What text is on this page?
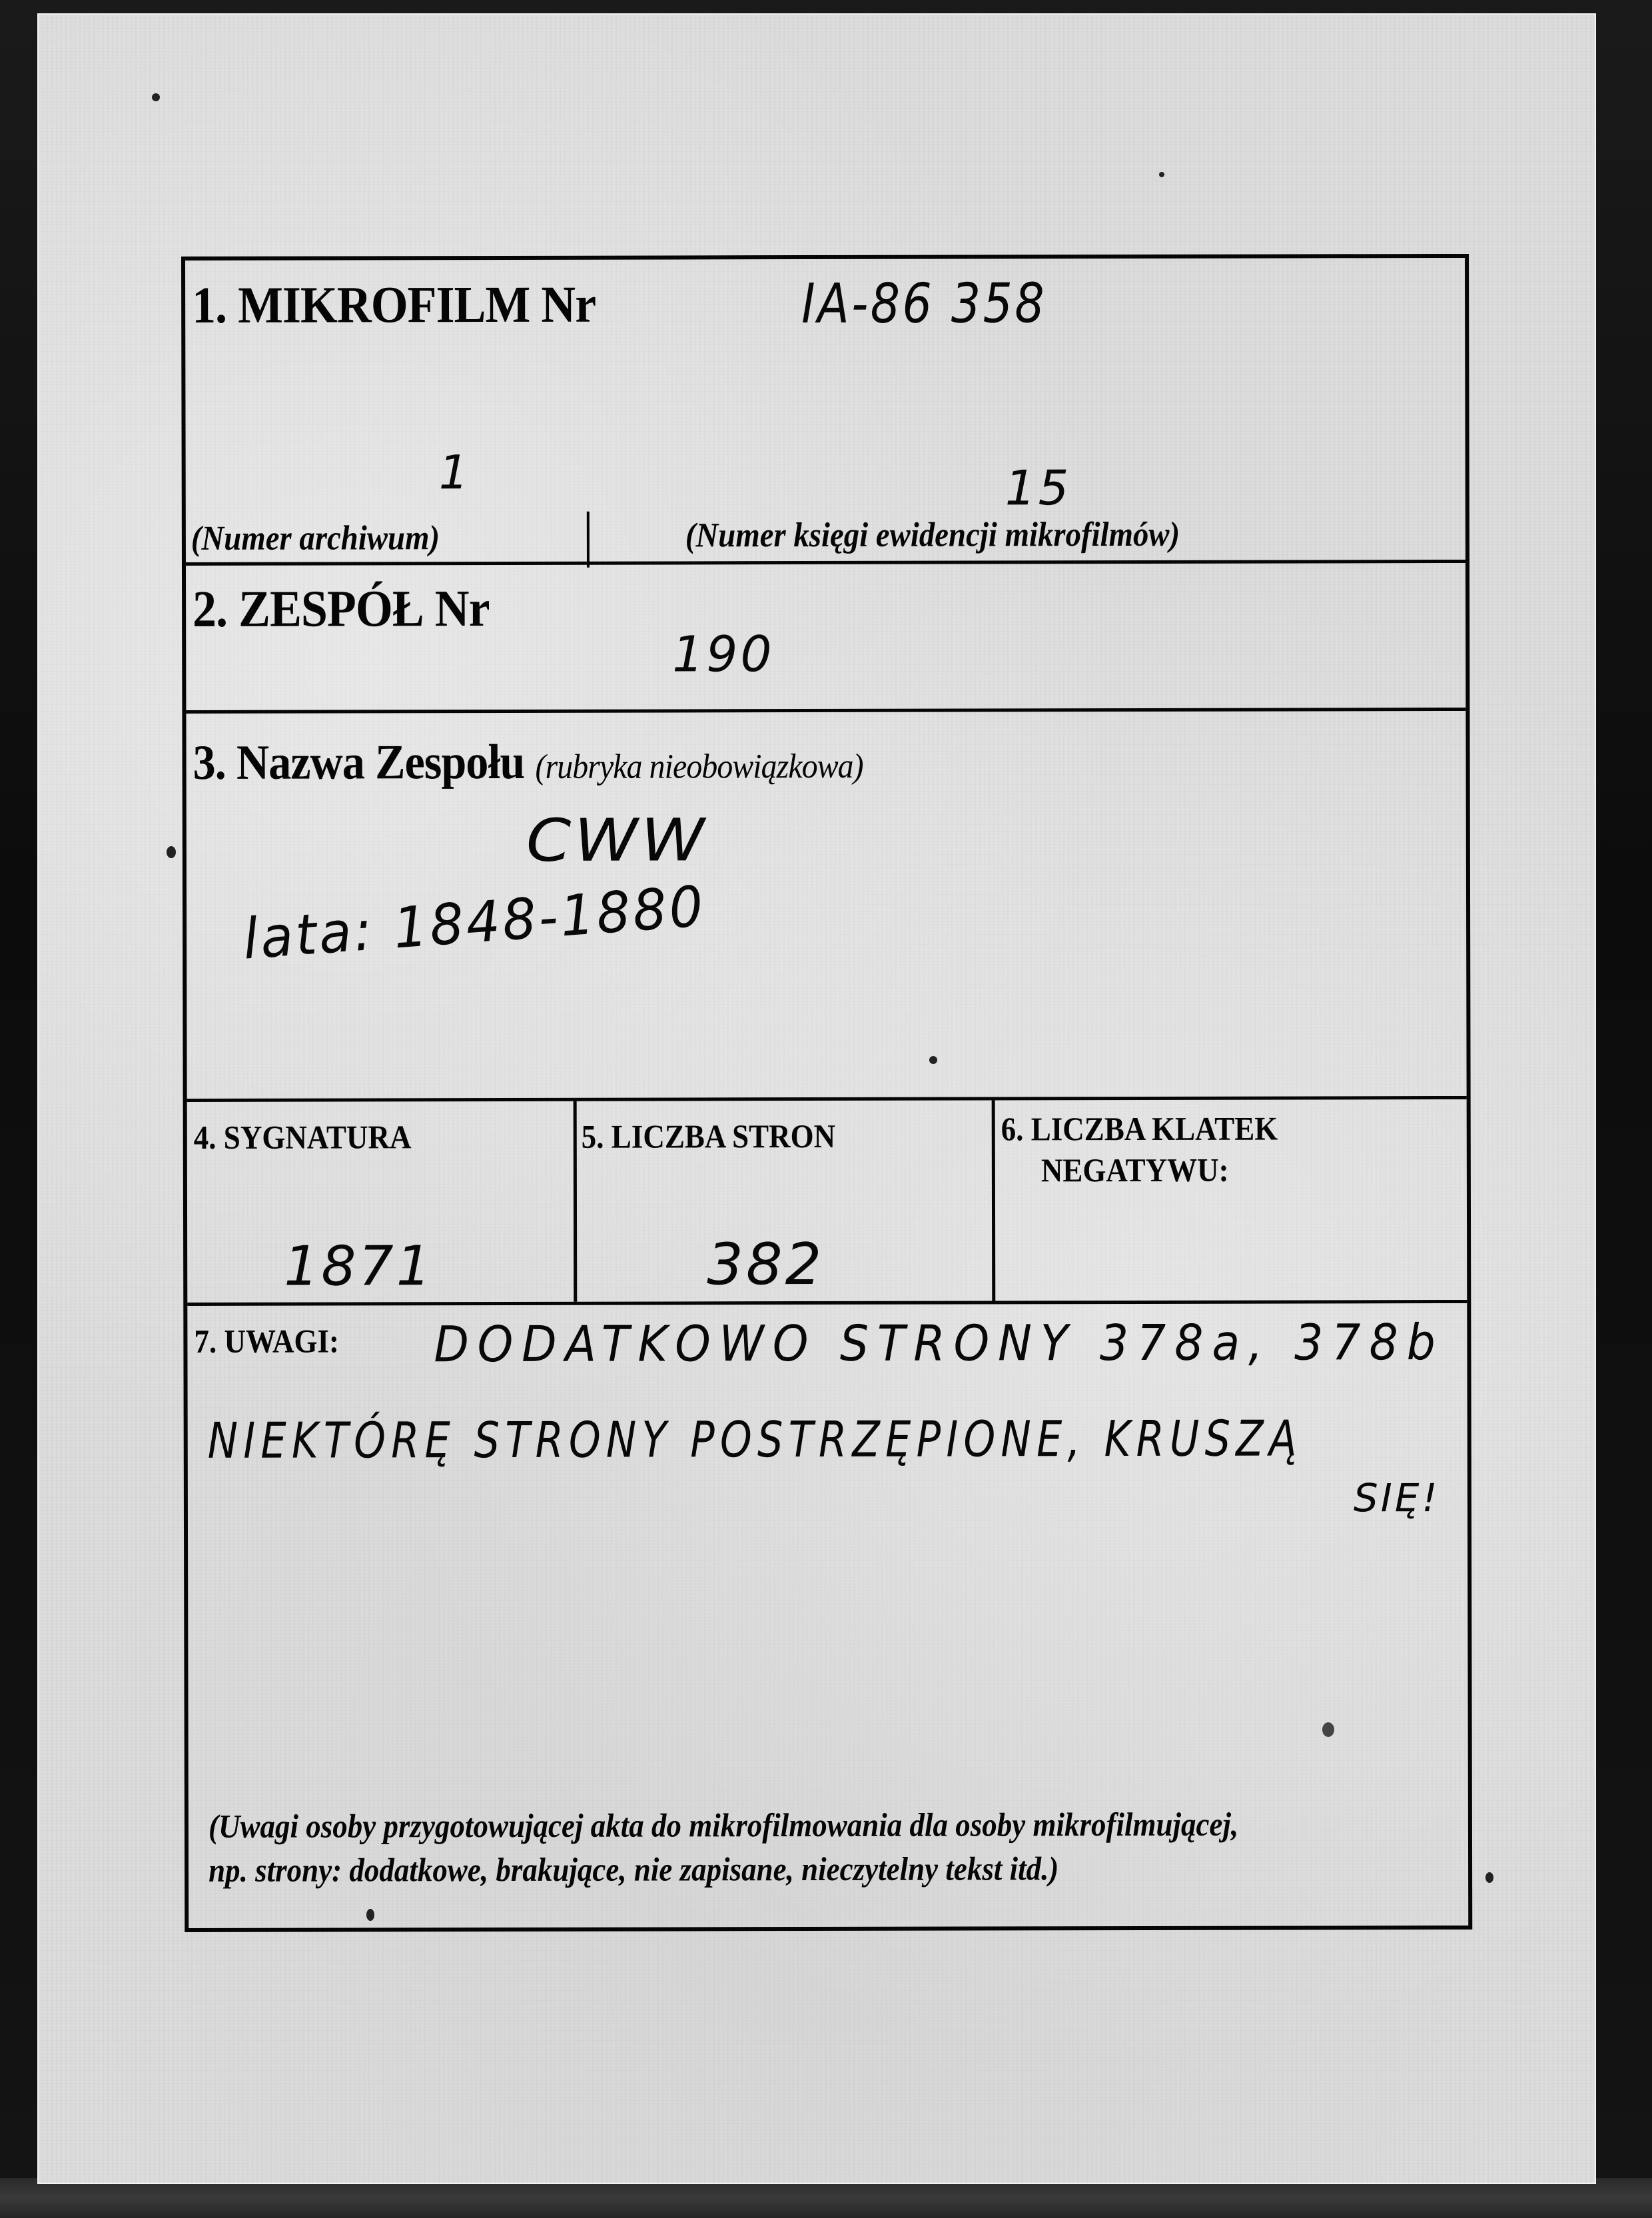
1. MIKROFILM Nr	IA-86 358
1	15
(Numer archiwum)	(Numer księgi ewidencji mikrofilmów)
2. ZESPÓŁ Nr
190
3. Nazwa Zespołu (rubryka nieobowiązkowa)
CWW
lata: 1848-1880
4. SYGNATURA
1871
5. LICZBA STRON
382
6. LICZBA KLATEK
NEGATYWU:
7. UWAGI: DODATKOWO STRONY 378a, 378b
NIEKTÓRĘ STRONY POSTRZĘPIONE, KRUSZĄ
SIĘ!
(Uwagi osoby przygotowującej akta do mikrofilmowania dla osoby mikrofilmującej,
np. strony: dodatkowe, brakujące, nie zapisane, nieczytelny tekst itd.)
